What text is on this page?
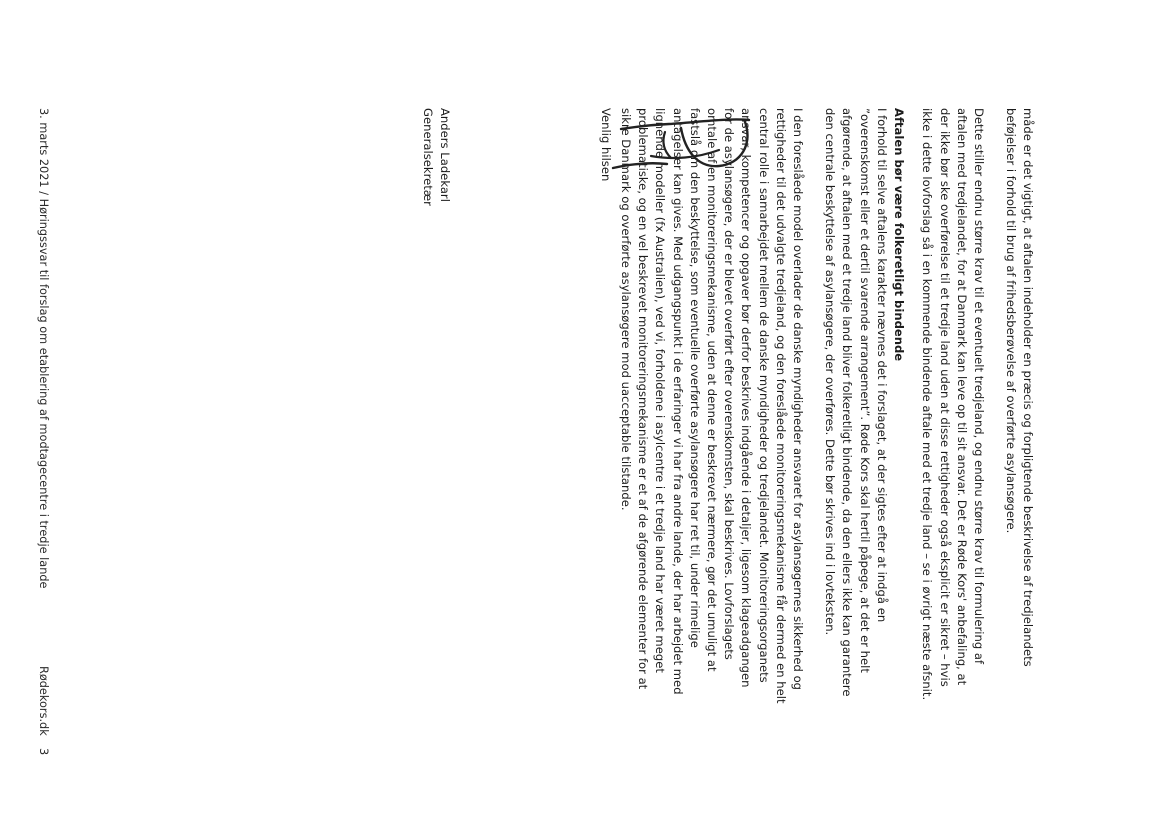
måde er det vigtigt, at aftalen indeholder en præcis og forpligtende beskrivelse af tredjelandets

beføjelser i forhold til brug af frihedsberøvelse af overførte asylansøgere.

Dette stiller endnu større krav til et eventuelt tredjeland, og endnu større krav til formulering af

aftalen med tredjelandet, for at Danmark kan leve op til sit ansvar. Det er Røde Kors' anbefaling, at

der ikke bør ske overførelse til et tredje land uden at disse rettigheder også eksplicit er sikret – hvis

ikke i dette lovforslag så i en kommende bindende aftale med et tredje land – se i øvrigt næste afsnit.

Aftalen bør være folkeretligt bindende

I forhold til selve aftalens karakter nævnes det i forslaget, at der sigtes efter at indgå en

”overenskomst eller et dertil svarende arrangement”. Røde Kors skal hertil påpege, at det er helt

afgørende, at aftalen med et tredje land bliver folkeretligt bindende, da den ellers ikke kan garantere

den centrale beskyttelse af asylansøgere, der overføres. Dette bør skrives ind i lovteksten.

I den foreslåede model overlader de danske myndigheder ansvaret for asylansøgernes sikkerhed og

rettigheder til det udvalgte tredjeland, og den foreslåede monitoreringsmekanisme får dermed en helt

central rolle i samarbejdet mellem de danske myndigheder og tredjelandet. Monitoreringsorganets

ansvar, kompetencer og opgaver bør derfor beskrives indgående i detaljer, ligesom klageadgangen

for de asylansøgere, der er blevet overført efter overenskomsten, skal beskrives. Lovforslagets

omtale af en monitoreringsmekanisme, uden at denne er beskrevet nærmere, gør det umuligt at

fastslå om den beskyttelse, som eventuelle overførte asylansøgere har ret til, under rimelige

antagelser kan gives. Med udgangspunkt i de erfaringer vi har fra andre lande, der har arbejdet med

lignende modeller (fx Australien), ved vi, forholdene i asylcentre i et tredje land har været meget

problematiske, og en vel beskrevet monitoreringsmekanisme er et af de afgørende elementer for at

sikre Danmark og overførte asylansøgere mod uacceptable tilstande.

Venlig hilsen

Anders Ladekarl

Generalsekretær

3. marts 2021 / Høringssvar til forslag om etablering af modtagecentre i tredje lande
Rødekors.dk
3
